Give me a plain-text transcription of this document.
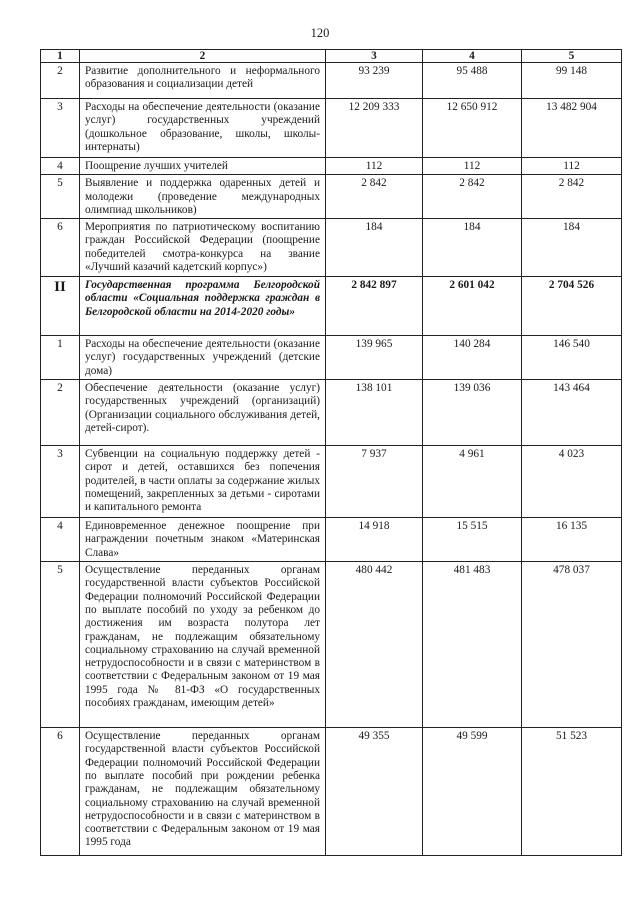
120
1	2	3	4	5
2	Развитие дополнительного и неформального образования и социализации детей	93 239	95 488	99 148
3	Расходы на обеспечение деятельности (оказание услуг) государственных учреждений (дошкольное образование, школы, школы-интернаты)	12 209 333	12 650 912	13 482 904
4	Поощрение лучших учителей	112	112	112
5	Выявление и поддержка одаренных детей и молодежи (проведение международных олимпиад школьников)	2 842	2 842	2 842
6	Мероприятия по патриотическому воспитанию граждан Российской Федерации (поощрение победителей смотра-конкурса на звание «Лучший казачий кадетский корпус»)	184	184	184
II	Государственная программа Белгородской области «Социальная поддержка граждан в Белгородской области на 2014-2020 годы»	2 842 897	2 601 042	2 704 526
1	Расходы на обеспечение деятельности (оказание услуг) государственных учреждений (детские дома)	139 965	140 284	146 540
2	Обеспечение деятельности (оказание услуг) государственных учреждений (организаций) (Организации социального обслуживания детей, детей-сирот).	138 101	139 036	143 464
3	Субвенции на социальную поддержку детей - сирот и детей, оставшихся без попечения родителей, в части оплаты за содержание жилых помещений, закрепленных за детьми - сиротами и капитального ремонта	7 937	4 961	4 023
4	Единовременное денежное поощрение при награждении почетным знаком «Материнская Слава»	14 918	15 515	16 135
5	Осуществление переданных органам государственной власти субъектов Российской Федерации полномочий Российской Федерации по выплате пособий по уходу за ребенком до достижения им возраста полутора лет гражданам, не подлежащим обязательному социальному страхованию на случай временной нетрудоспособности и в связи с материнством в соответствии с Федеральным законом от 19 мая 1995 года № 81-ФЗ «О государственных пособиях гражданам, имеющим детей»	480 442	481 483	478 037
6	Осуществление переданных органам государственной власти субъектов Российской Федерации полномочий Российской Федерации по выплате пособий при рождении ребенка гражданам, не подлежащим обязательному социальному страхованию на случай временной нетрудоспособности и в связи с материнством в соответствии с Федеральным законом от 19 мая 1995 года	49 355	49 599	51 523
